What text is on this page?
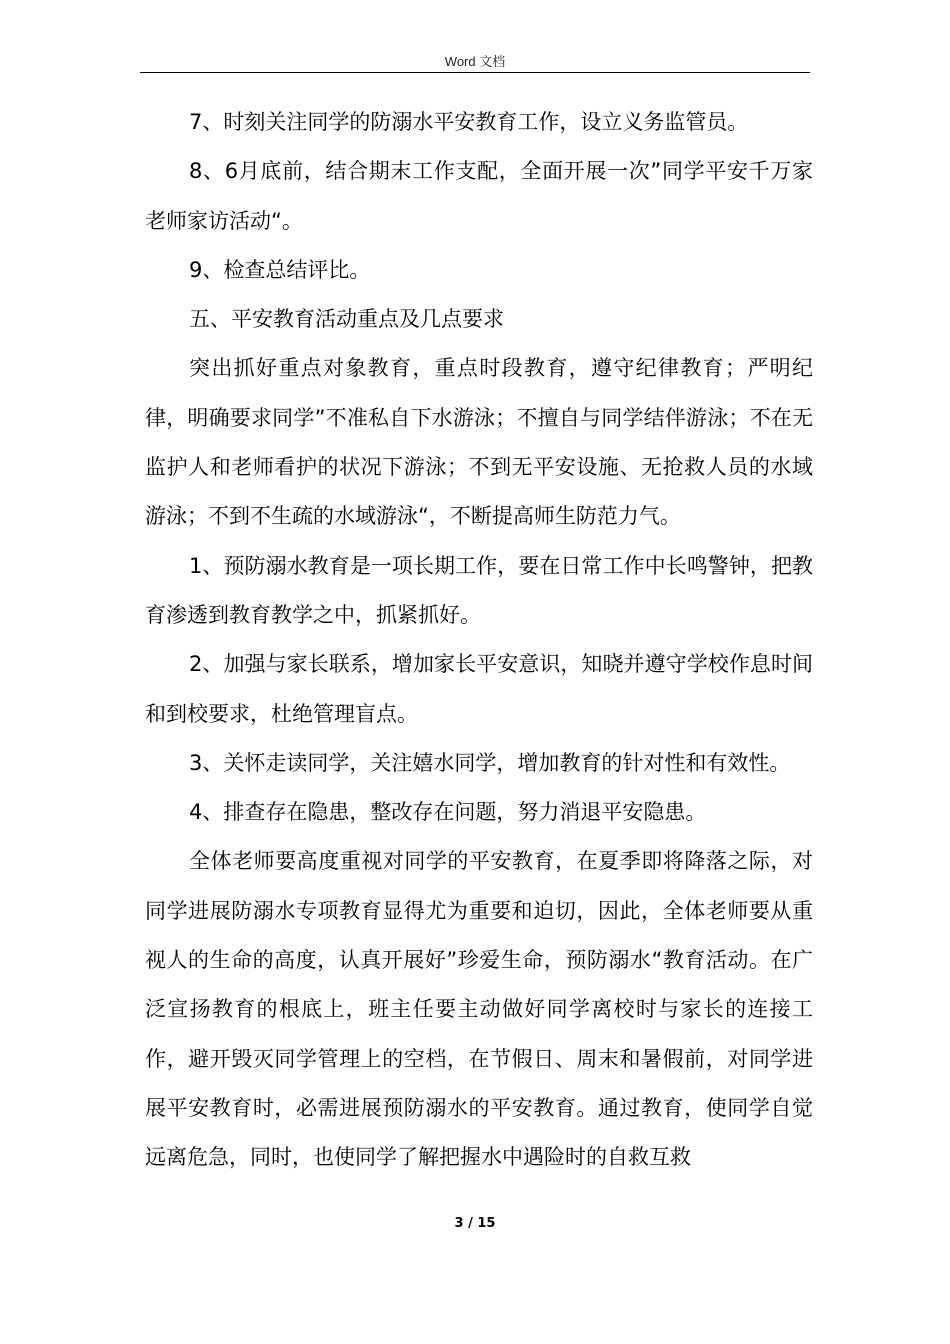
Word 文档

7、时刻关注同学的防溺水平安教育工作，设立义务监管员。

8、6月底前，结合期末工作支配，全面开展一次”同学平安千万家老师家访活动“。

9、检查总结评比。

五、平安教育活动重点及几点要求

突出抓好重点对象教育，重点时段教育，遵守纪律教育；严明纪律，明确要求同学”不准私自下水游泳；不擅自与同学结伴游泳；不在无监护人和老师看护的状况下游泳；不到无平安设施、无抢救人员的水域游泳；不到不生疏的水域游泳“，不断提高师生防范力气。

1、预防溺水教育是一项长期工作，要在日常工作中长鸣警钟，把教育渗透到教育教学之中，抓紧抓好。

2、加强与家长联系，增加家长平安意识，知晓并遵守学校作息时间和到校要求，杜绝管理盲点。

3、关怀走读同学，关注嬉水同学，增加教育的针对性和有效性。

4、排查存在隐患，整改存在问题，努力消退平安隐患。

全体老师要高度重视对同学的平安教育，在夏季即将降落之际，对同学进展防溺水专项教育显得尤为重要和迫切，因此，全体老师要从重视人的生命的高度，认真开展好”珍爱生命，预防溺水“教育活动。在广泛宣扬教育的根底上，班主任要主动做好同学离校时与家长的连接工作，避开毁灭同学管理上的空档，在节假日、周末和暑假前，对同学进展平安教育时，必需进展预防溺水的平安教育。通过教育，使同学自觉远离危急，同时，也使同学了解把握水中遇险时的自救互救

3 / 15
